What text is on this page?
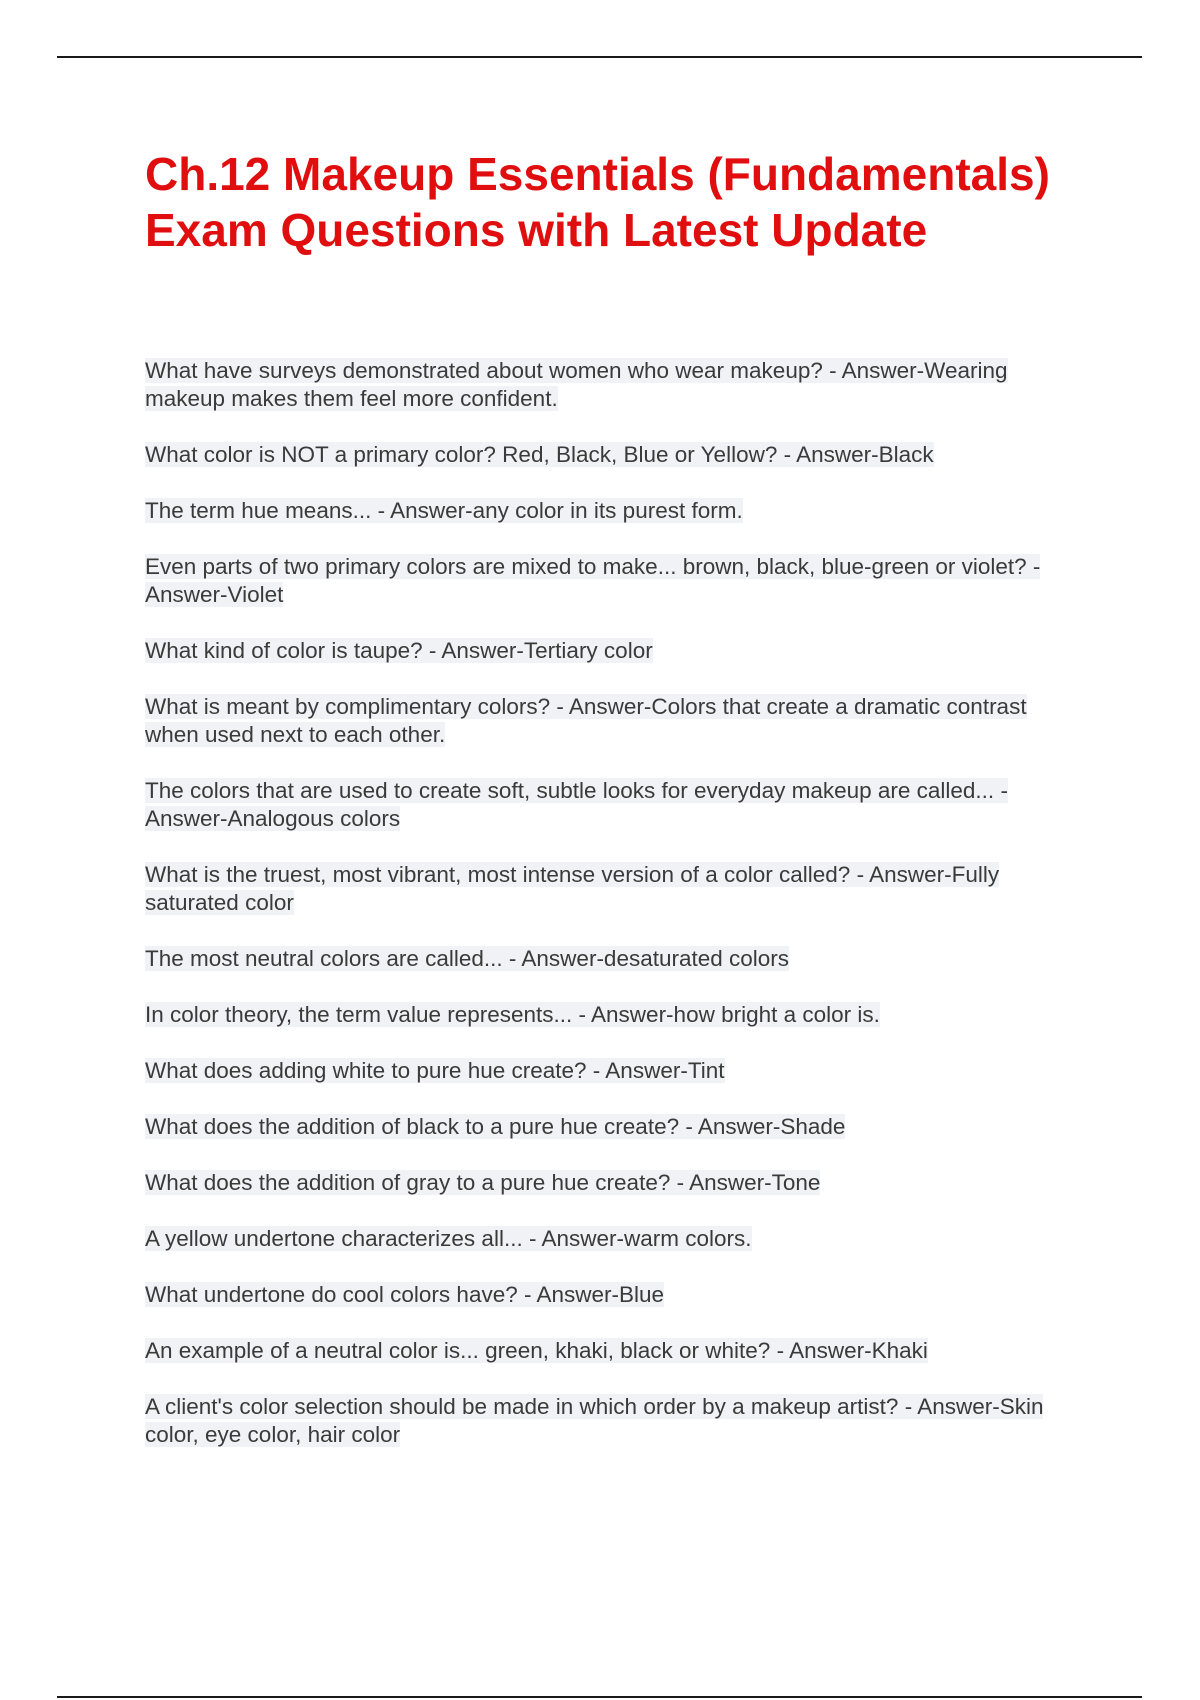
Ch.12 Makeup Essentials (Fundamentals) Exam Questions with Latest Update
What have surveys demonstrated about women who wear makeup? - Answer-Wearing makeup makes them feel more confident.
What color is NOT a primary color? Red, Black, Blue or Yellow? - Answer-Black
The term hue means... - Answer-any color in its purest form.
Even parts of two primary colors are mixed to make... brown, black, blue-green or violet? - Answer-Violet
What kind of color is taupe? - Answer-Tertiary color
What is meant by complimentary colors? - Answer-Colors that create a dramatic contrast when used next to each other.
The colors that are used to create soft, subtle looks for everyday makeup are called... - Answer-Analogous colors
What is the truest, most vibrant, most intense version of a color called? - Answer-Fully saturated color
The most neutral colors are called... - Answer-desaturated colors
In color theory, the term value represents... - Answer-how bright a color is.
What does adding white to pure hue create? - Answer-Tint
What does the addition of black to a pure hue create? - Answer-Shade
What does the addition of gray to a pure hue create? - Answer-Tone
A yellow undertone characterizes all... - Answer-warm colors.
What undertone do cool colors have? - Answer-Blue
An example of a neutral color is... green, khaki, black or white? - Answer-Khaki
A client's color selection should be made in which order by a makeup artist? - Answer-Skin color, eye color, hair color
